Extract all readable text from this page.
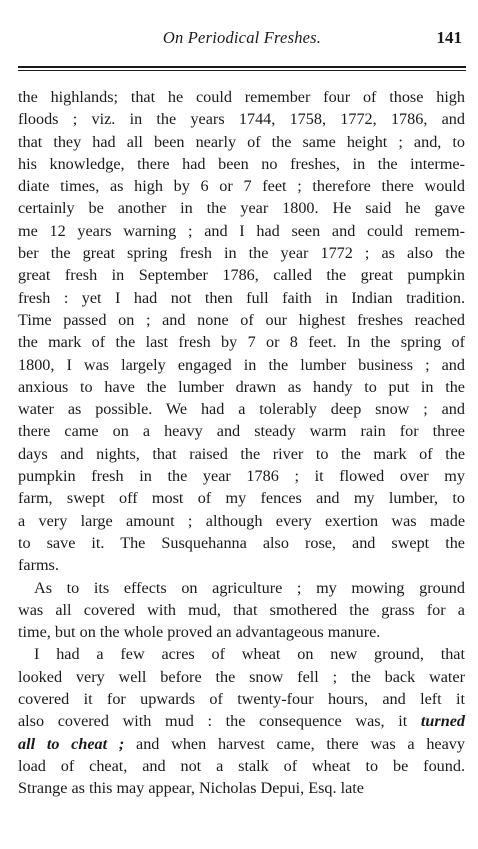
On Periodical Freshes.	141
the highlands; that he could remember four of those high
floods ; viz. in the years 1744, 1758, 1772, 1786, and
that they had all been nearly of the same height ; and, to
his knowledge, there had been no freshes, in the interme-
diate times, as high by 6 or 7 feet ; therefore there would
certainly be another in the year 1800. He said he gave
me 12 years warning ; and I had seen and could remem-
ber the great spring fresh in the year 1772 ; as also the
great fresh in September 1786, called the great pumpkin
fresh : yet I had not then full faith in Indian tradition.
Time passed on ; and none of our highest freshes reached
the mark of the last fresh by 7 or 8 feet. In the spring of
1800, I was largely engaged in the lumber business ; and
anxious to have the lumber drawn as handy to put in the
water as possible. We had a tolerably deep snow ; and
there came on a heavy and steady warm rain for three
days and nights, that raised the river to the mark of the
pumpkin fresh in the year 1786 ; it flowed over my
farm, swept off most of my fences and my lumber, to
a very large amount ; although every exertion was made
to save it. The Susquehanna also rose, and swept the
farms.
As to its effects on agriculture ; my mowing ground
was all covered with mud, that smothered the grass for a
time, but on the whole proved an advantageous manure.
I had a few acres of wheat on new ground, that
looked very well before the snow fell ; the back water
covered it for upwards of twenty-four hours, and left it
also covered with mud : the consequence was, it turned
all to cheat ; and when harvest came, there was a heavy
load of cheat, and not a stalk of wheat to be found.
Strange as this may appear, Nicholas Depui, Esq. late
